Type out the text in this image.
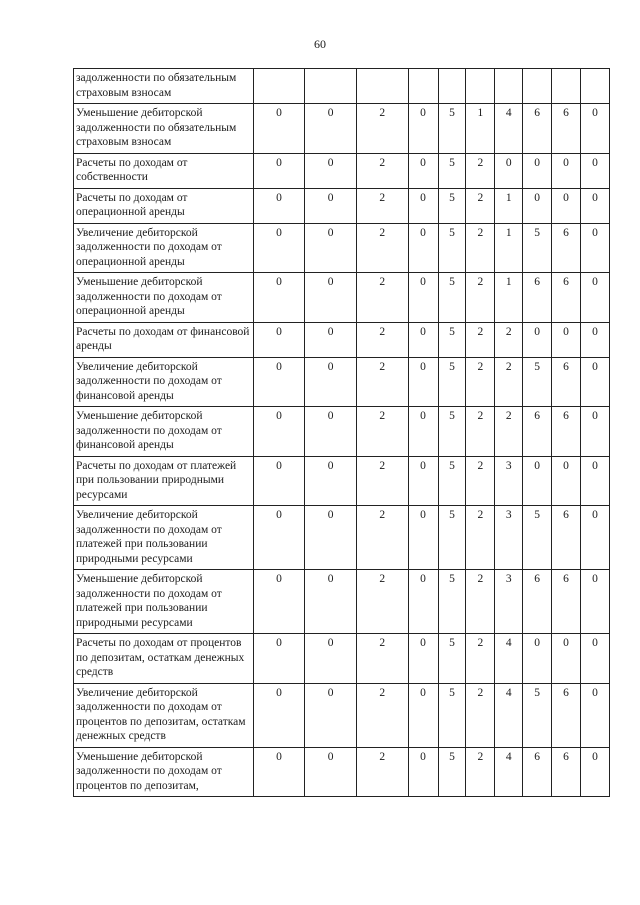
60
задолженности по обязательным страховым взносам										
Уменьшение дебиторской задолженности по обязательным страховым взносам	0	0	2	0	5	1	4	6	6	0
Расчеты по доходам от собственности	0	0	2	0	5	2	0	0	0	0
Расчеты по доходам от операционной аренды	0	0	2	0	5	2	1	0	0	0
Увеличение дебиторской задолженности по доходам от операционной аренды	0	0	2	0	5	2	1	5	6	0
Уменьшение дебиторской задолженности по доходам от операционной аренды	0	0	2	0	5	2	1	6	6	0
Расчеты по доходам от финансовой аренды	0	0	2	0	5	2	2	0	0	0
Увеличение дебиторской задолженности по доходам от финансовой аренды	0	0	2	0	5	2	2	5	6	0
Уменьшение дебиторской задолженности по доходам от финансовой аренды	0	0	2	0	5	2	2	6	6	0
Расчеты по доходам от платежей при пользовании природными ресурсами	0	0	2	0	5	2	3	0	0	0
Увеличение дебиторской задолженности по доходам от платежей при пользовании природными ресурсами	0	0	2	0	5	2	3	5	6	0
Уменьшение дебиторской задолженности по доходам от платежей при пользовании природными ресурсами	0	0	2	0	5	2	3	6	6	0
Расчеты по доходам от процентов по депозитам, остаткам денежных средств	0	0	2	0	5	2	4	0	0	0
Увеличение дебиторской задолженности по доходам от процентов по депозитам, остаткам денежных средств	0	0	2	0	5	2	4	5	6	0
Уменьшение дебиторской задолженности по доходам от процентов по депозитам,	0	0	2	0	5	2	4	6	6	0
